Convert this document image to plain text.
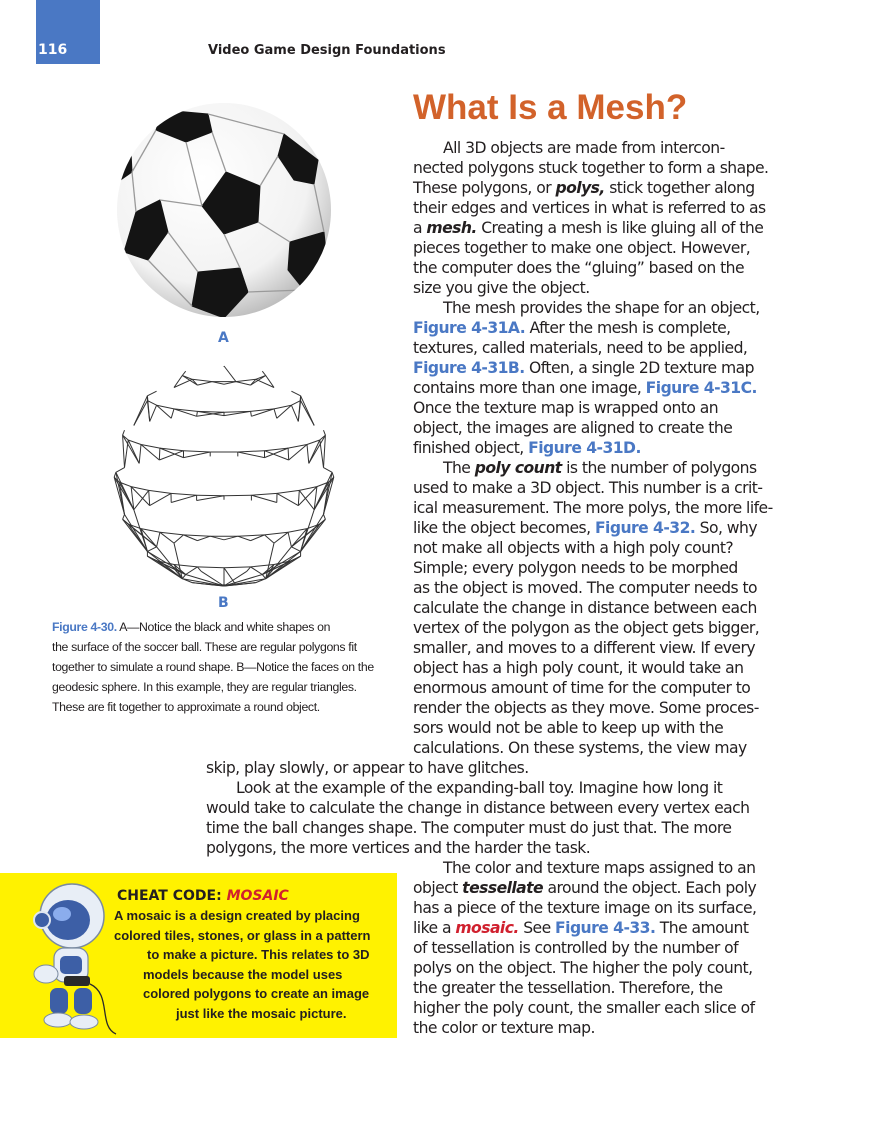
116	Video Game Design Foundations
A
B
Figure 4-30. A—Notice the black and white shapes on
the surface of the soccer ball. These are regular polygons fit
together to simulate a round shape. B—Notice the faces on the
geodesic sphere. In this example, they are regular triangles.
These are fit together to approximate a round object.
What Is a Mesh?
All 3D objects are made from intercon-
nected polygons stuck together to form a shape.
These polygons, or polys, stick together along
their edges and vertices in what is referred to as
a mesh. Creating a mesh is like gluing all of the
pieces together to make one object. However,
the computer does the “gluing” based on the
size you give the object.
The mesh provides the shape for an object,
Figure 4-31A. After the mesh is complete,
textures, called materials, need to be applied,
Figure 4-31B. Often, a single 2D texture map
contains more than one image, Figure 4-31C.
Once the texture map is wrapped onto an
object, the images are aligned to create the
finished object, Figure 4-31D.
The poly count is the number of polygons
used to make a 3D object. This number is a crit-
ical measurement. The more polys, the more life-
like the object becomes, Figure 4-32. So, why
not make all objects with a high poly count?
Simple; every polygon needs to be morphed
as the object is moved. The computer needs to
calculate the change in distance between each
vertex of the polygon as the object gets bigger,
smaller, and moves to a different view. If every
object has a high poly count, it would take an
enormous amount of time for the computer to
render the objects as they move. Some proces-
sors would not be able to keep up with the
calculations. On these systems, the view may
skip, play slowly, or appear to have glitches.
Look at the example of the expanding-ball toy. Imagine how long it
would take to calculate the change in distance between every vertex each
time the ball changes shape. The computer must do just that. The more
polygons, the more vertices and the harder the task.
The color and texture maps assigned to an
object tessellate around the object. Each poly
has a piece of the texture image on its surface,
like a mosaic. See Figure 4-33. The amount
of tessellation is controlled by the number of
polys on the object. The higher the poly count,
the greater the tessellation. Therefore, the
higher the poly count, the smaller each slice of
the color or texture map.
CHEAT CODE: MOSAIC
A mosaic is a design created by placing
colored tiles, stones, or glass in a pattern
to make a picture. This relates to 3D
models because the model uses
colored polygons to create an image
just like the mosaic picture.
